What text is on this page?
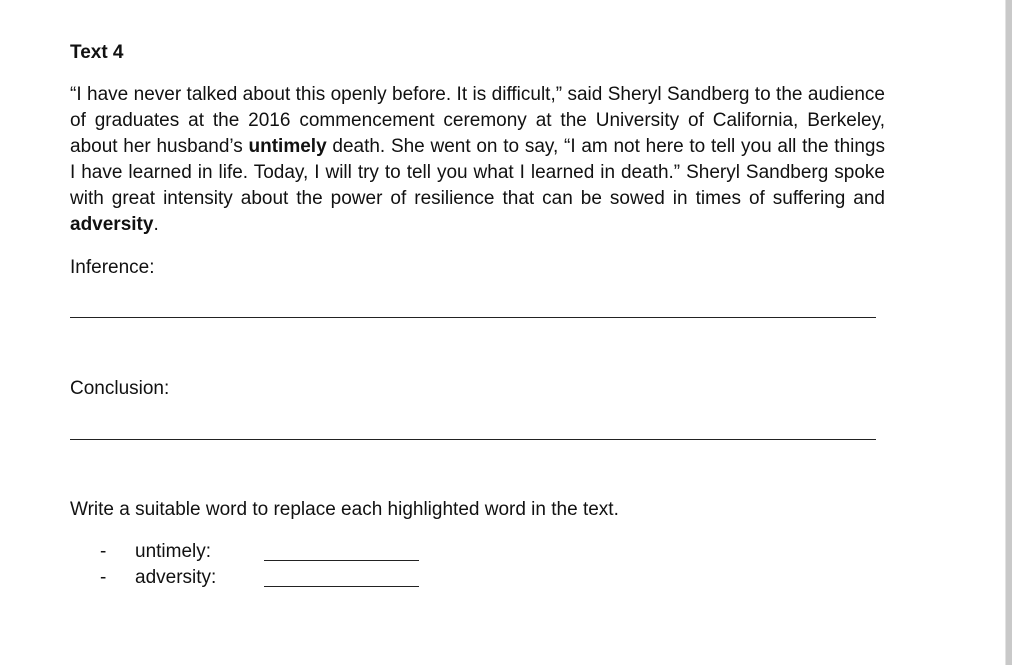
Text 4

“I have never talked about this openly before. It is difficult,” said Sheryl Sandberg to the audience of graduates at the 2016 commencement ceremony at the University of California, Berkeley, about her husband’s untimely death. She went on to say, “I am not here to tell you all the things I have learned in life. Today, I will try to tell you what I learned in death.” Sheryl Sandberg spoke with great intensity about the power of resilience that can be sowed in times of suffering and adversity.

Inference:
Conclusion:
Write a suitable word to replace each highlighted word in the text.
- untimely:
- adversity:
